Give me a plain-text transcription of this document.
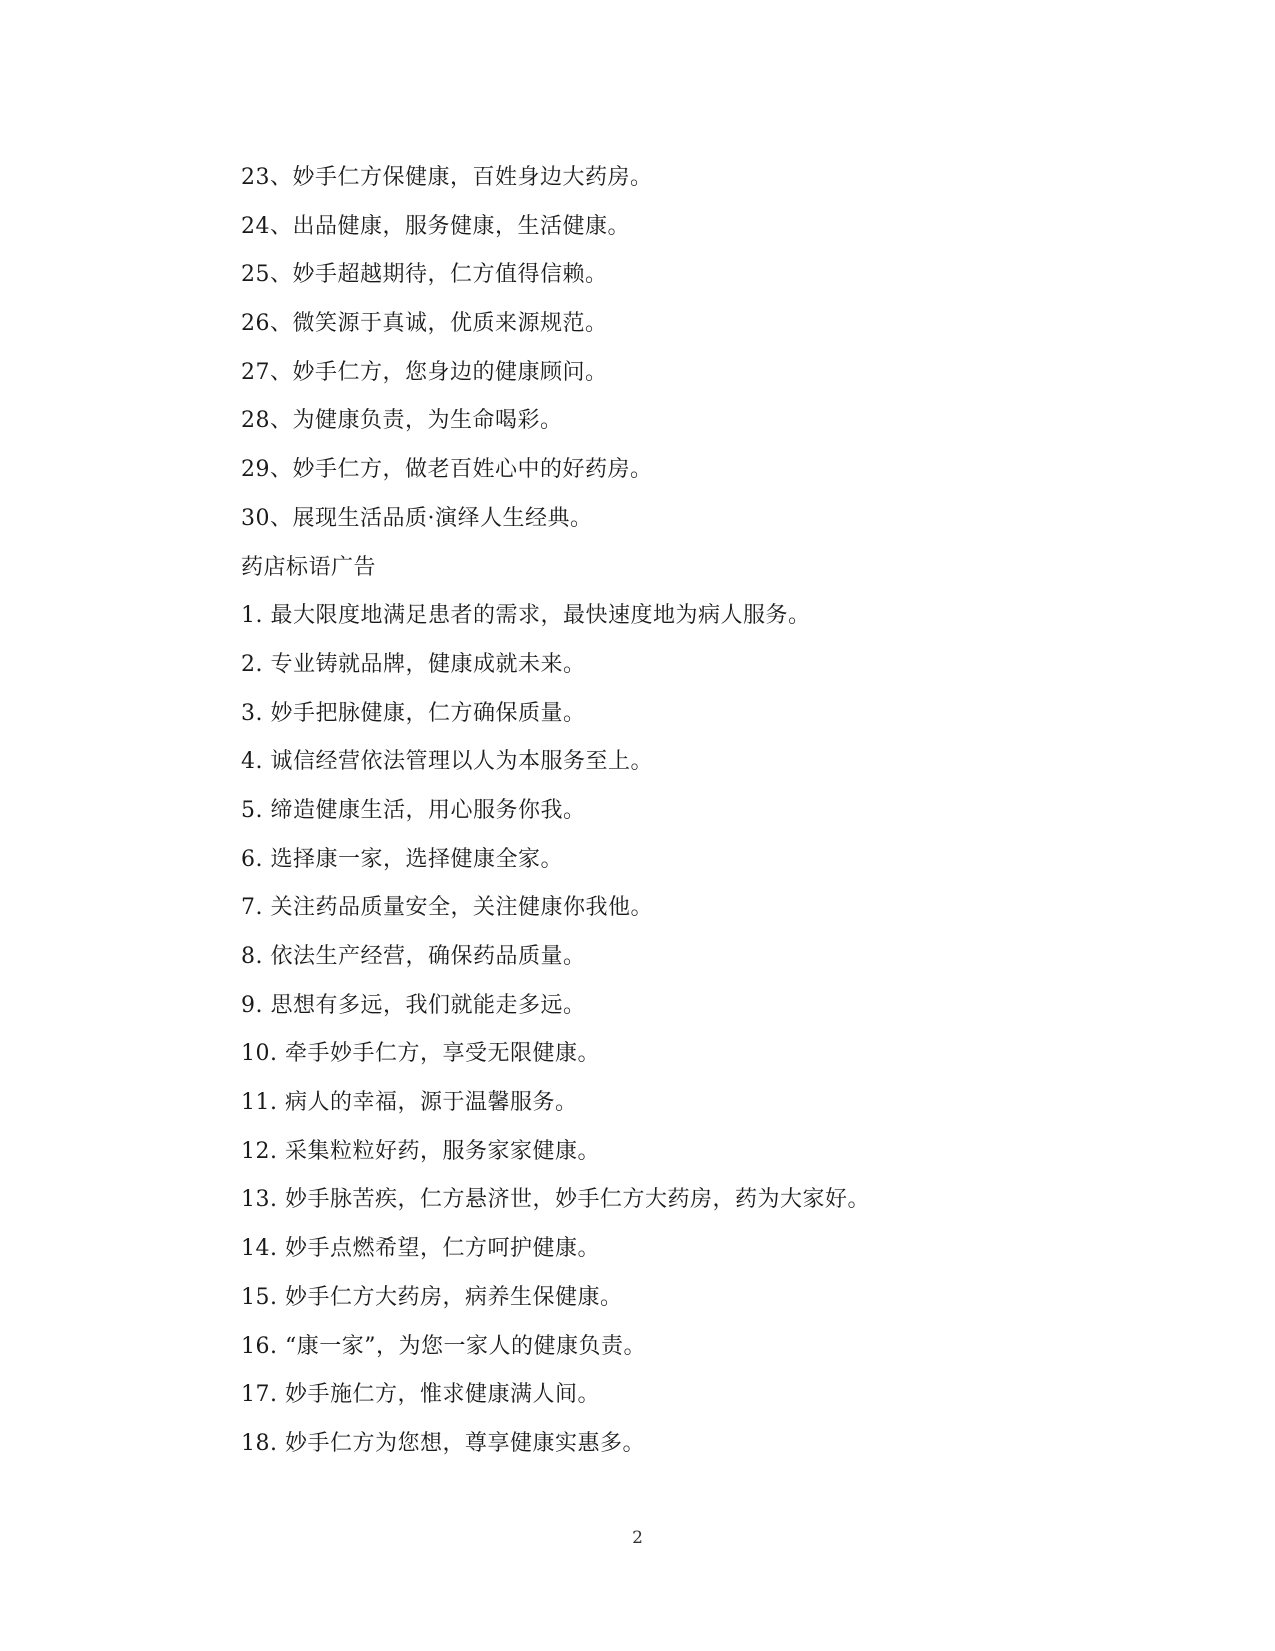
23、妙手仁方保健康，百姓身边大药房。
24、出品健康，服务健康，生活健康。
25、妙手超越期待，仁方值得信赖。
26、微笑源于真诚，优质来源规范。
27、妙手仁方，您身边的健康顾问。
28、为健康负责，为生命喝彩。
29、妙手仁方，做老百姓心中的好药房。
30、展现生活品质·演绎人生经典。
药店标语广告
1. 最大限度地满足患者的需求，最快速度地为病人服务。
2. 专业铸就品牌，健康成就未来。
3. 妙手把脉健康，仁方确保质量。
4. 诚信经营依法管理以人为本服务至上。
5. 缔造健康生活，用心服务你我。
6. 选择康一家，选择健康全家。
7. 关注药品质量安全，关注健康你我他。
8. 依法生产经营，确保药品质量。
9. 思想有多远，我们就能走多远。
10. 牵手妙手仁方，享受无限健康。
11. 病人的幸福，源于温馨服务。
12. 采集粒粒好药，服务家家健康。
13. 妙手脉苦疾，仁方悬济世，妙手仁方大药房，药为大家好。
14. 妙手点燃希望，仁方呵护健康。
15. 妙手仁方大药房，病养生保健康。
16. “康一家”，为您一家人的健康负责。
17. 妙手施仁方，惟求健康满人间。
18. 妙手仁方为您想，尊享健康实惠多。
2
